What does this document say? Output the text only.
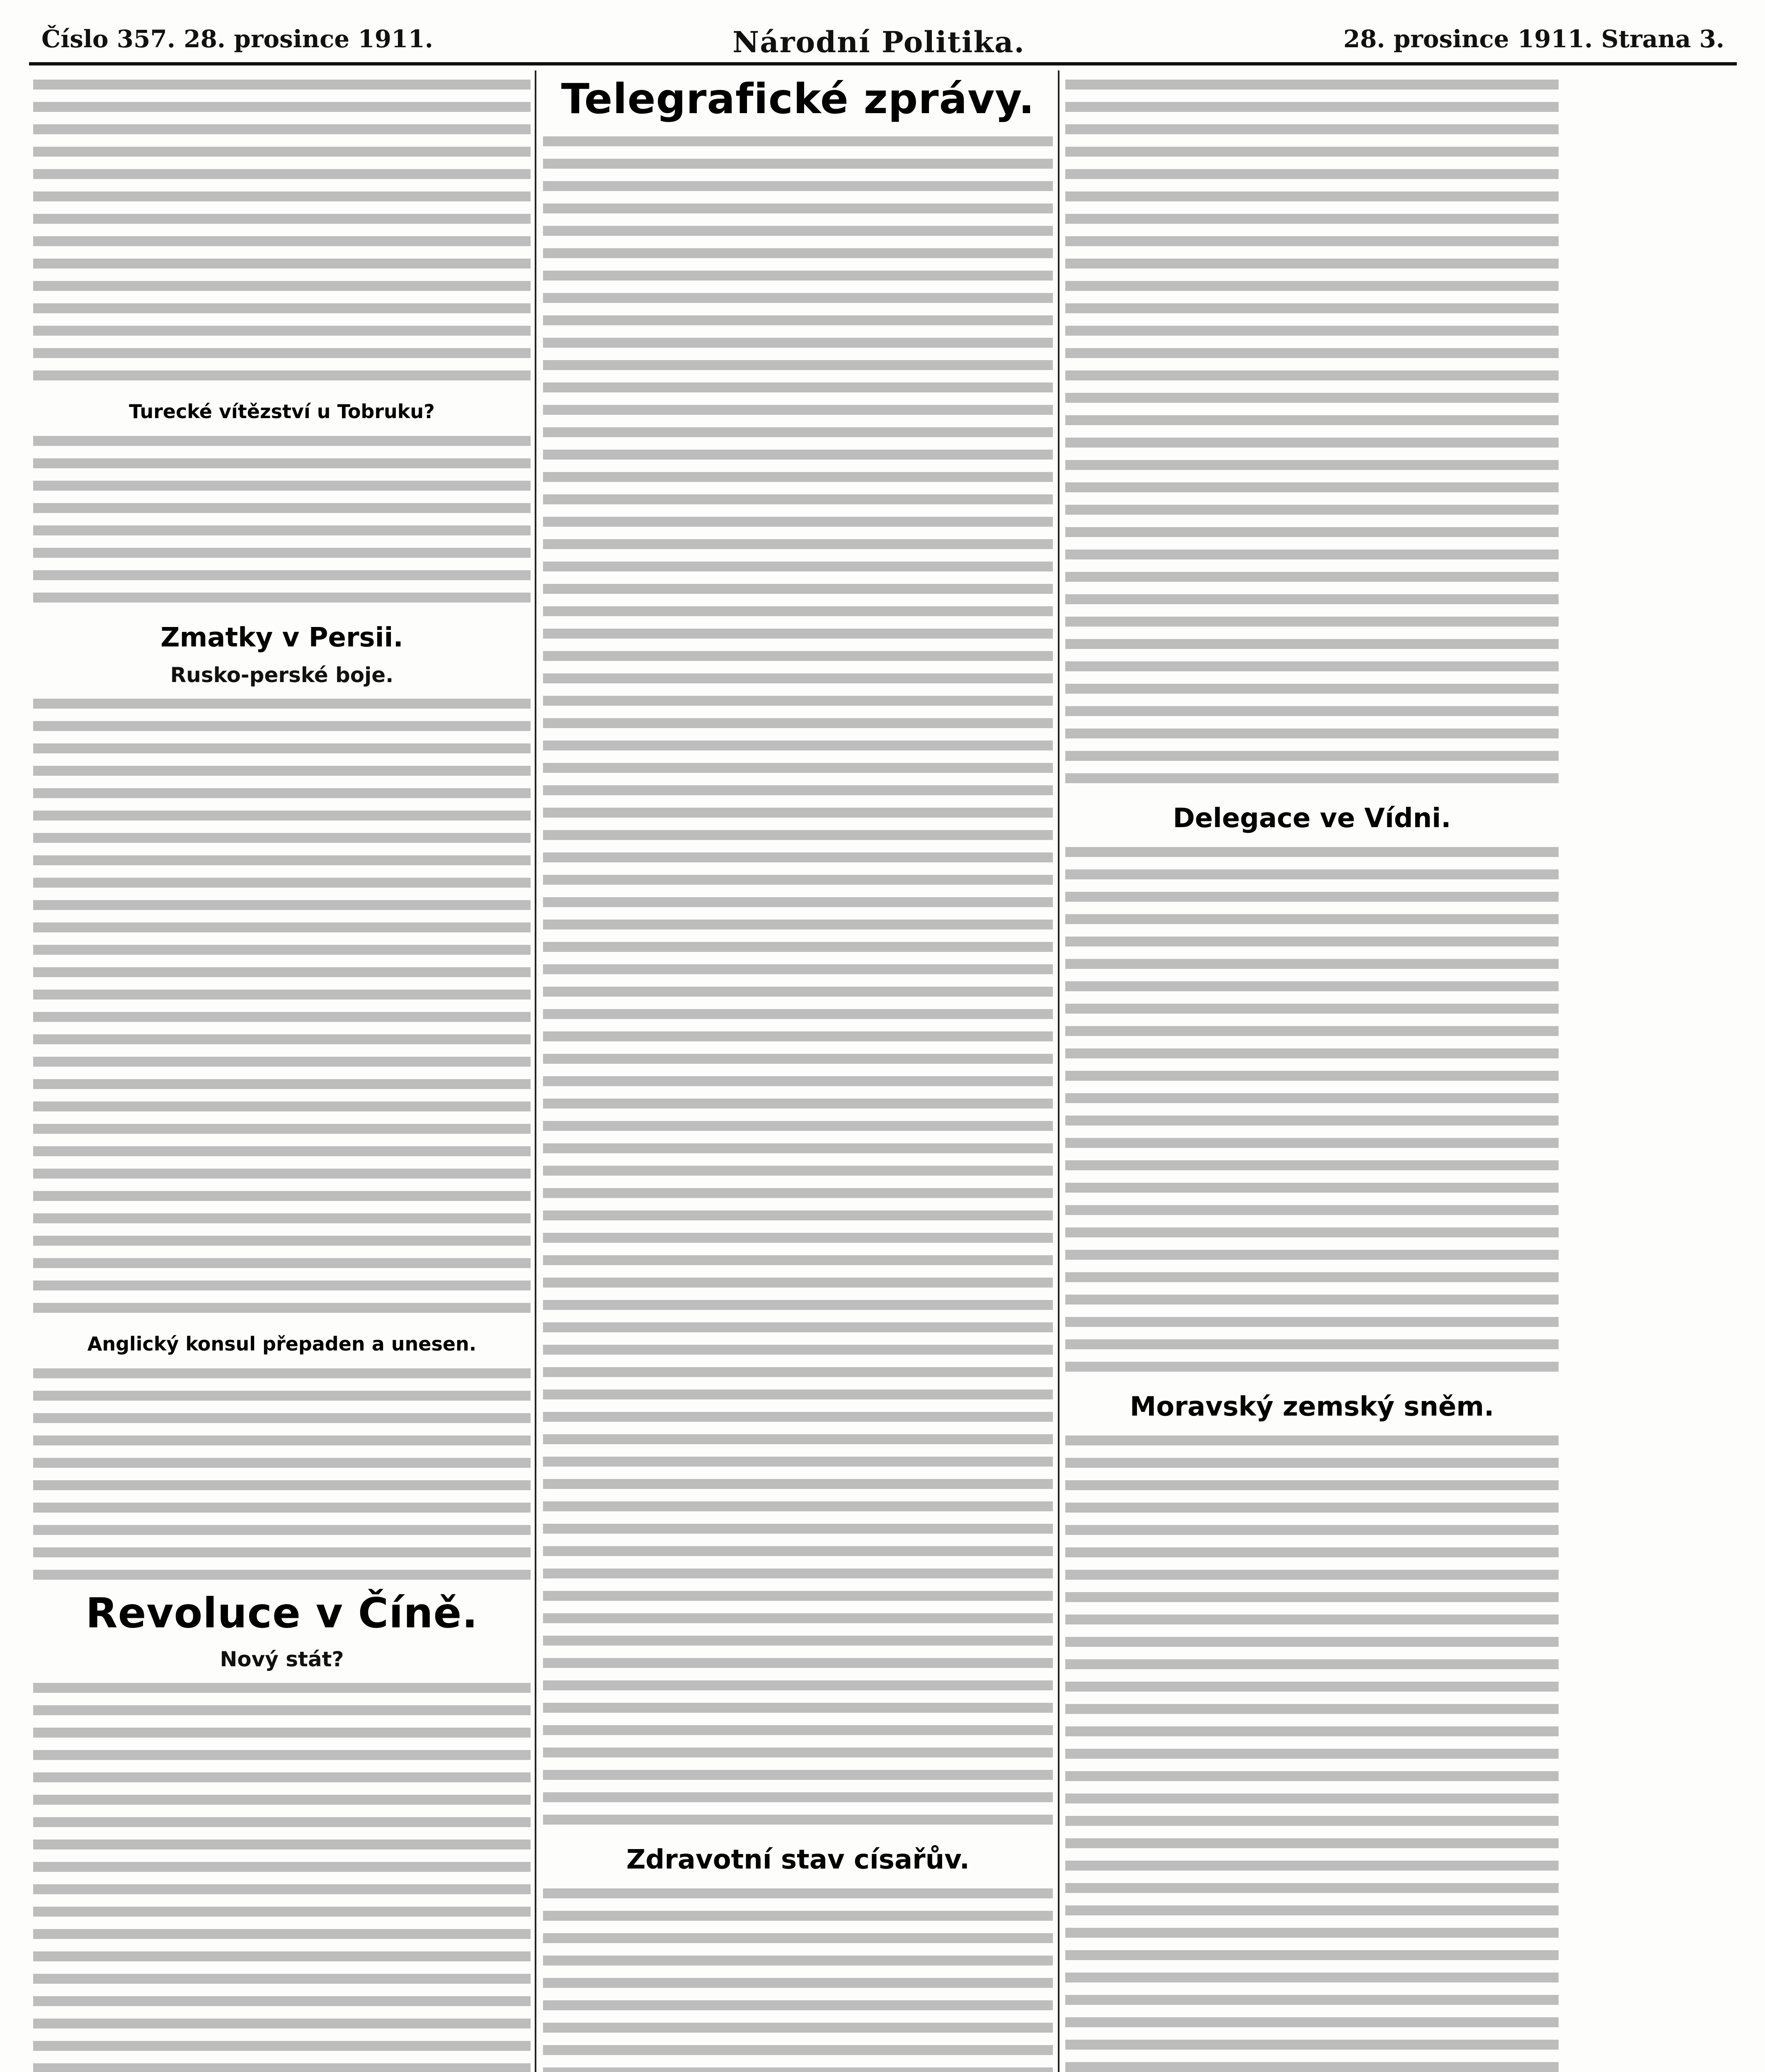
Číslo 357. 28. prosince 1911.	Národní Politika.	28. prosince 1911. Strana 3.
Turecké vítězství u Tobruku?
Zmatky v Persii.
Rusko-perské boje.
Anglický konsul přepaden a unesen.
Revoluce v Číně.
Nový stát?
Telegrafické zprávy.
Zdravotní stav císařův.
Delegace ve Vídni.
Moravský zemský sněm.
